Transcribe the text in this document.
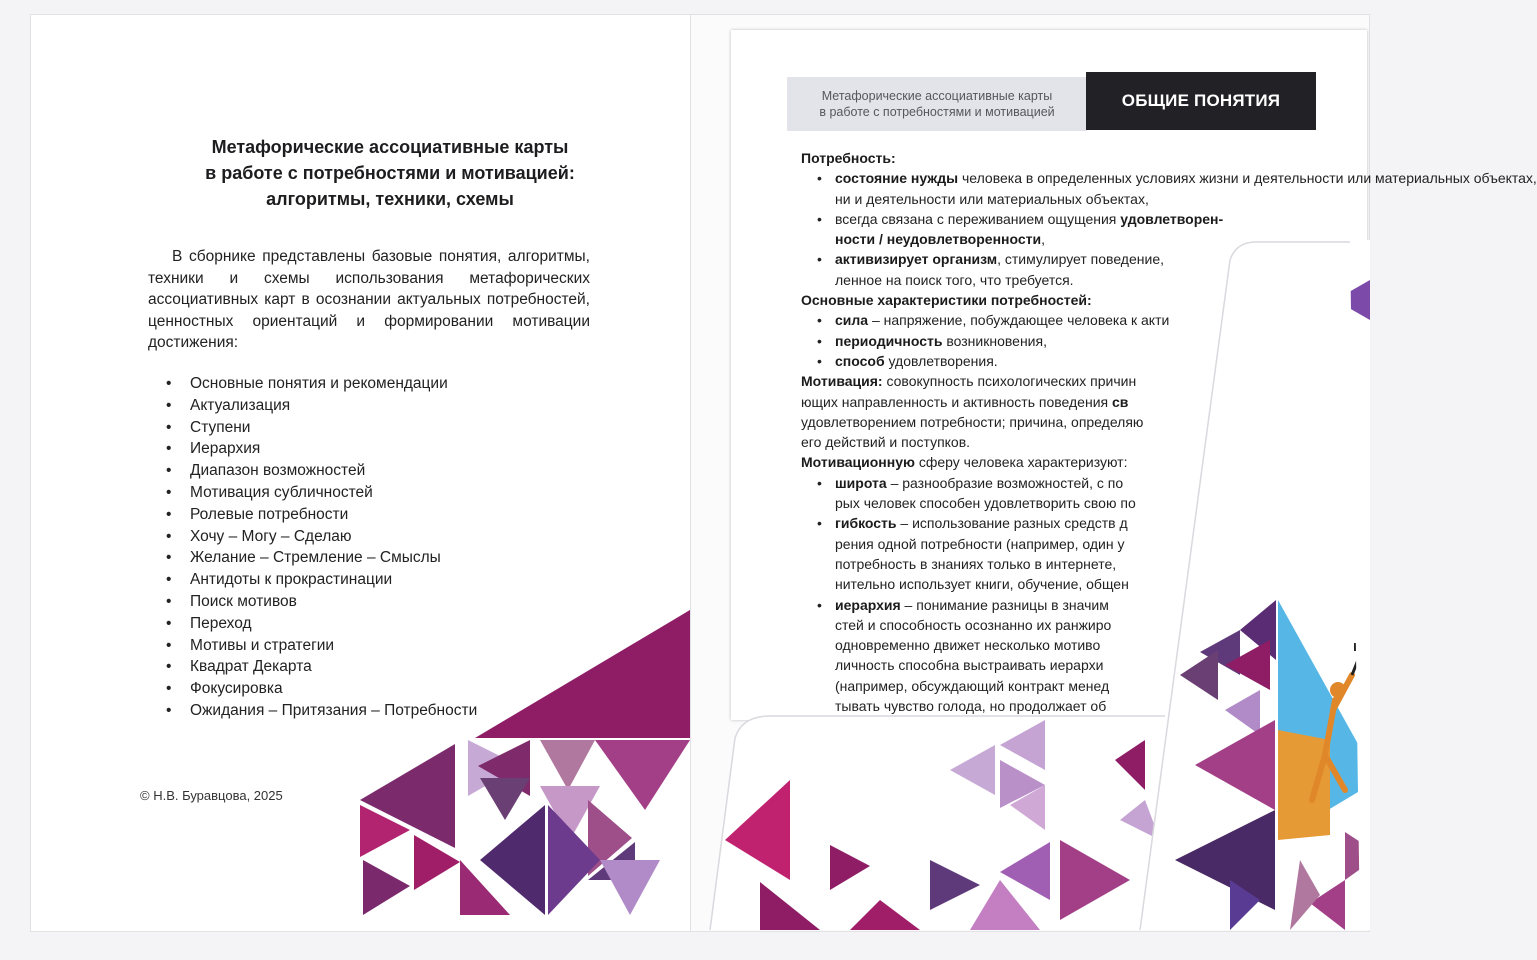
Метафорические ассоциативные карты
в работе с потребностями и мотивацией:
алгоритмы, техники, схемы

В сборнике представлены базовые понятия, алгоритмы, техники и схемы использования метафорических ассоциативных карт в осознании актуальных потребностей, ценностных ориентаций и формировании мотивации достижения:

• Основные понятия и рекомендации
• Актуализация
• Ступени
• Иерархия
• Диапазон возможностей
• Мотивация субличностей
• Ролевые потребности
• Хочу – Могу – Сделаю
• Желание – Стремление – Смыслы
• Антидоты к прокрастинации
• Поиск мотивов
• Переход
• Мотивы и стратегии
• Квадрат Декарта
• Фокусировка
• Ожидания – Притязания – Потребности
© Н.В. Буравцова, 2025
Метафорические ассоциативные карты
в работе с потребностями и мотивацией
ОБЩИЕ ПОНЯТИЯ
Потребность:
• состояние нужды человека в определенных условиях жизни и деятельности или материальных объектах,
ни и деятельности или материальных объектах,
• всегда связана с переживанием ощущения удовлетворен-
ности / неудовлетворенности,
• активизирует организм, стимулирует поведение,
ленное на поиск того, что требуется.
Основные характеристики потребностей:
• сила – напряжение, побуждающее человека к акти
• периодичность возникновения,
• способ удовлетворения.
Мотивация: совокупность психологических причин
ющих направленность и активность поведения св
удовлетворением потребности; причина, определяю
его действий и поступков.
Мотивационную сферу человека характеризуют:
• широта – разнообразие возможностей, с по
рых человек способен удовлетворить свою по
• гибкость – использование разных средств д
рения одной потребности (например, один у
потребность в знаниях только в интернете,
нительно использует книги, обучение, общен
• иерархия – понимание разницы в значим
стей и способность осознанно их ранжиро
одновременно движет несколько мотиво
личность способна выстраивать иерархи
(например, обсуждающий контракт менед
тывать чувство голода, но продолжает об
